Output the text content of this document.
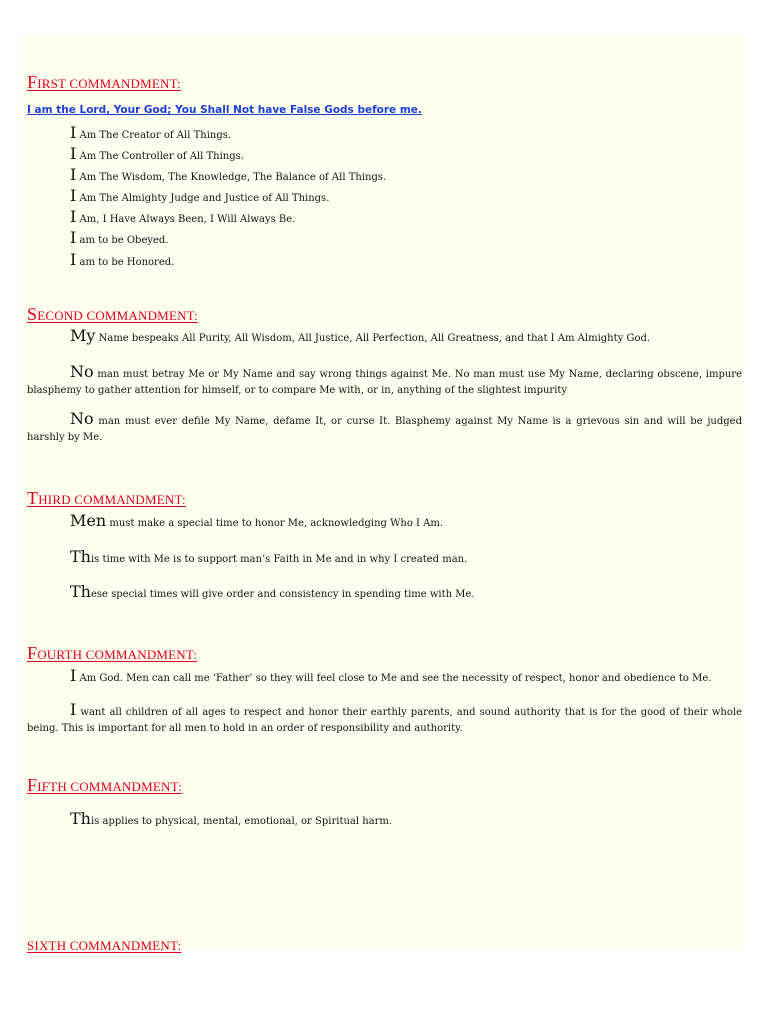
FIRST COMMANDMENT:

I am the Lord, Your God; You Shall Not have False Gods before me.

I Am The Creator of All Things.

I Am The Controller of All Things.

I Am The Wisdom, The Knowledge, The Balance of All Things.

I Am The Almighty Judge and Justice of All Things.

I Am, I Have Always Been, I Will Always Be.

I am to be Obeyed.

I am to be Honored.

SECOND COMMANDMENT:

My Name bespeaks All Purity, All Wisdom, All Justice, All Perfection, All Greatness, and that I Am Almighty God.

No man must betray Me or My Name and say wrong things against Me. No man must use My Name, declaring obscene, impure blasphemy to gather attention for himself, or to compare Me with, or in, anything of the slightest impurity

No man must ever defile My Name, defame It, or curse It. Blasphemy against My Name is a grievous sin and will be judged harshly by Me.

THIRD COMMANDMENT:

Men must make a special time to honor Me, acknowledging Who I Am.

This time with Me is to support man’s Faith in Me and in why I created man.

These special times will give order and consistency in spending time with Me.

FOURTH COMMANDMENT:

I Am God. Men can call me ‘Father’ so they will feel close to Me and see the necessity of respect, honor and obedience to Me.

I want all children of all ages to respect and honor their earthly parents, and sound authority that is for the good of their whole being. This is important for all men to hold in an order of responsibility and authority.

FIFTH COMMANDMENT:

This applies to physical, mental, emotional, or Spiritual harm.

SIXTH COMMANDMENT:
